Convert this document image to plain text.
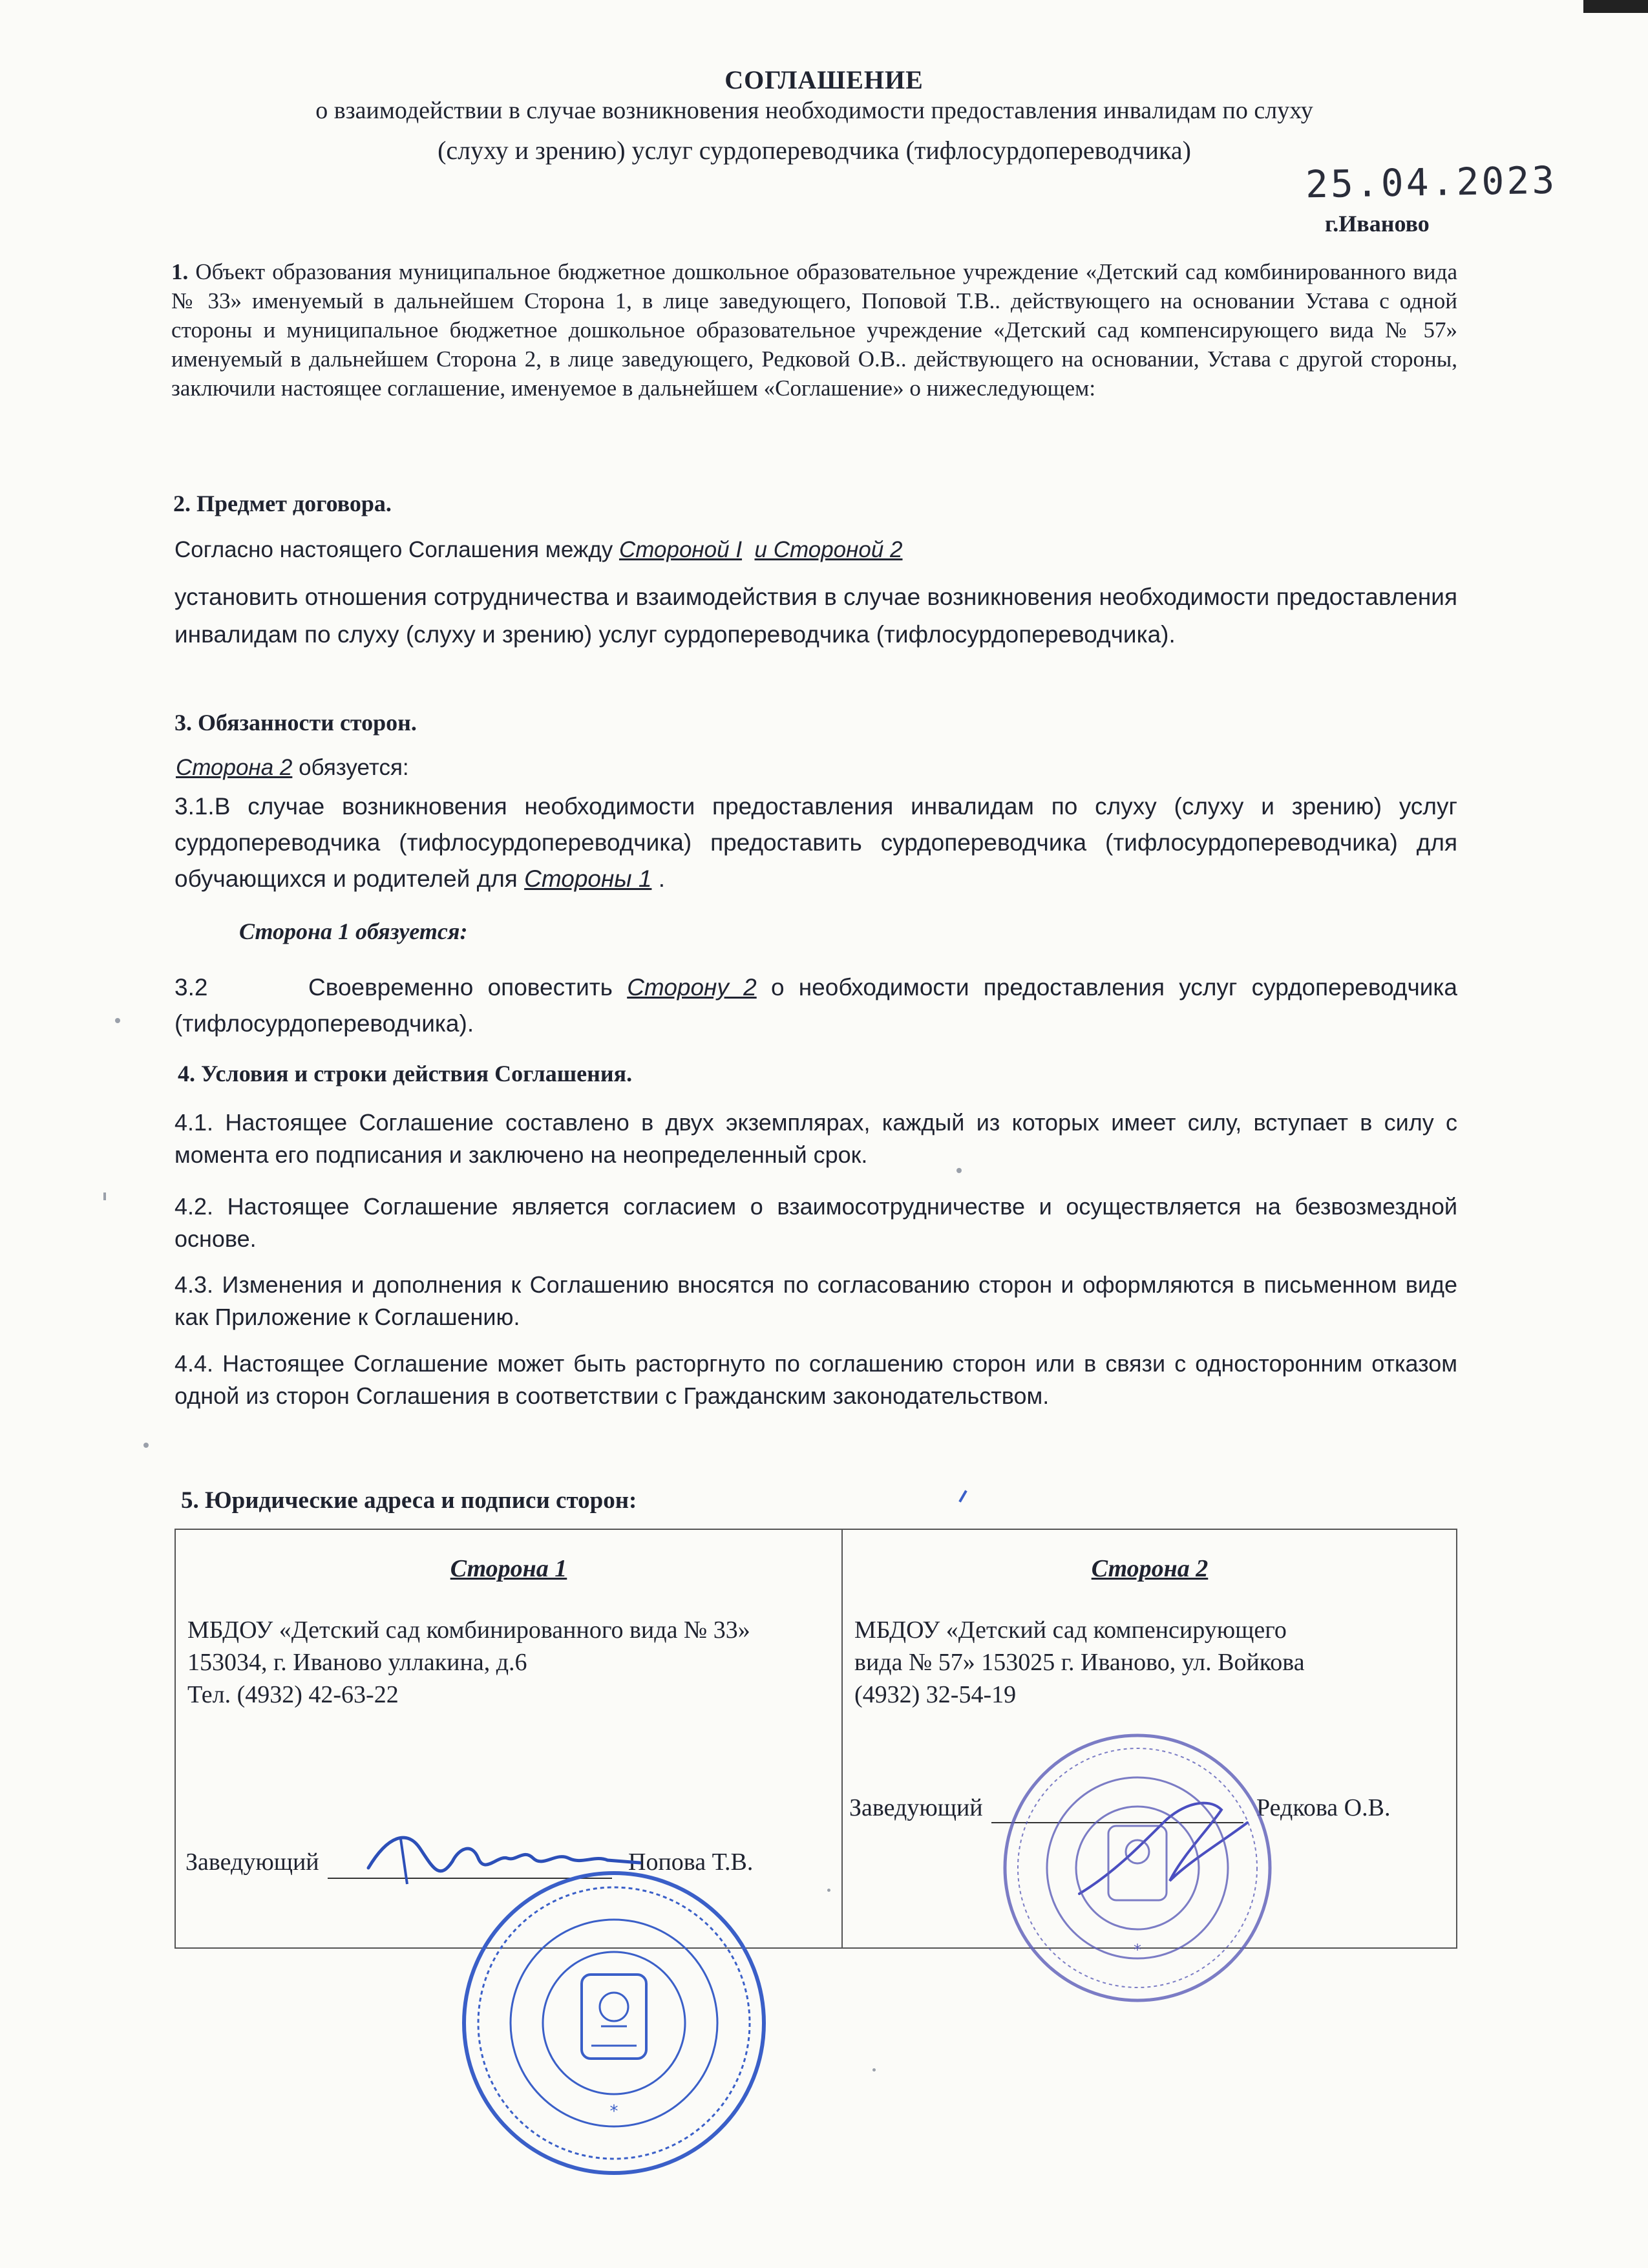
СОГЛАШЕНИЕ
о взаимодействии в случае возникновения необходимости предоставления инвалидам по слуху
(слуху и зрению) услуг сурдопереводчика (тифлосурдопереводчика)
25.04.2023
г.Иваново
1. Объект образования муниципальное бюджетное дошкольное образовательное учреждение «Детский сад комбинированного вида № 33» именуемый в дальнейшем Сторона 1, в лице заведующего, Поповой Т.В.. действующего на основании Устава с одной стороны и муниципальное бюджетное дошкольное образовательное учреждение «Детский сад компенсирующего вида № 57» именуемый в дальнейшем Сторона 2, в лице заведующего, Редковой О.В.. действующего на основании, Устава с другой стороны, заключили настоящее соглашение, именуемое в дальнейшем «Соглашение» о нижеследующем:
2. Предмет договора.
Согласно настоящего Соглашения между Стороной I и Стороной 2
установить отношения сотрудничества и взаимодействия в случае возникновения необходимости предоставления инвалидам по слуху (слуху и зрению) услуг сурдопереводчика (тифлосурдопереводчика).
3. Обязанности сторон.
Сторона 2 обязуется:
3.1.В случае возникновения необходимости предоставления инвалидам по слуху (слуху и зрению) услуг сурдопереводчика (тифлосурдопереводчика) предоставить сурдопереводчика (тифлосурдопереводчика) для обучающихся и родителей для Стороны 1 .
Сторона 1 обязуется:
3.2	Своевременно оповестить Сторону 2 о необходимости предоставления услуг сурдопереводчика (тифлосурдопереводчика).
4. Условия и строки действия Соглашения.
4.1. Настоящее Соглашение составлено в двух экземплярах, каждый из которых имеет силу, вступает в силу с момента его подписания и заключено на неопределенный срок.
4.2. Настоящее Соглашение является согласием о взаимосотрудничестве и осуществляется на безвозмездной основе.
4.3. Изменения и дополнения к Соглашению вносятся по согласованию сторон и оформляются в письменном виде как Приложение к Соглашению.
4.4. Настоящее Соглашение может быть расторгнуто по соглашению сторон или в связи с односторонним отказом одной из сторон Соглашения в соответствии с Гражданским законодательством.
5. Юридические адреса и подписи сторон:
Сторона 1
МБДОУ «Детский сад комбинированного вида № 33»
153034, г. Иваново уллакина, д.6
Тел. (4932) 42-63-22
Заведующий	Попова Т.В.
Сторона 2
МБДОУ «Детский сад компенсирующего
вида № 57» 153025 г. Иваново, ул. Войкова
(4932) 32-54-19
Заведующий	Редкова О.В.
*
*
